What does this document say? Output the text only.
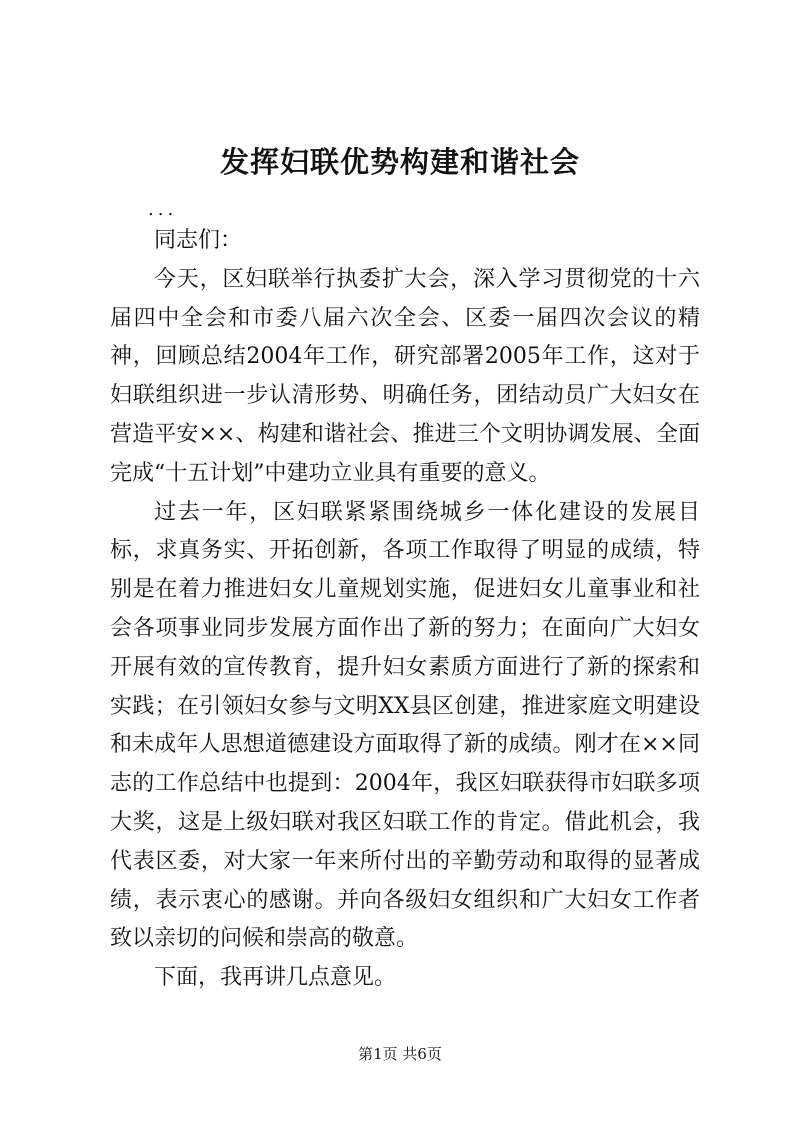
发挥妇联优势构建和谐社会
...

同志们：

今天，区妇联举行执委扩大会，深入学习贯彻党的十六届四中全会和市委八届六次全会、区委一届四次会议的精神，回顾总结2004年工作，研究部署2005年工作，这对于妇联组织进一步认清形势、明确任务，团结动员广大妇女在营造平安××、构建和谐社会、推进三个文明协调发展、全面完成“十五计划”中建功立业具有重要的意义。

过去一年，区妇联紧紧围绕城乡一体化建设的发展目标，求真务实、开拓创新，各项工作取得了明显的成绩，特别是在着力推进妇女儿童规划实施，促进妇女儿童事业和社会各项事业同步发展方面作出了新的努力；在面向广大妇女开展有效的宣传教育，提升妇女素质方面进行了新的探索和实践；在引领妇女参与文明XX县区创建，推进家庭文明建设和未成年人思想道德建设方面取得了新的成绩。刚才在××同志的工作总结中也提到：2004年，我区妇联获得市妇联多项大奖，这是上级妇联对我区妇联工作的肯定。借此机会，我代表区委，对大家一年来所付出的辛勤劳动和取得的显著成绩，表示衷心的感谢。并向各级妇女组织和广大妇女工作者致以亲切的问候和崇高的敬意。

下面，我再讲几点意见。

第1页 共6页
